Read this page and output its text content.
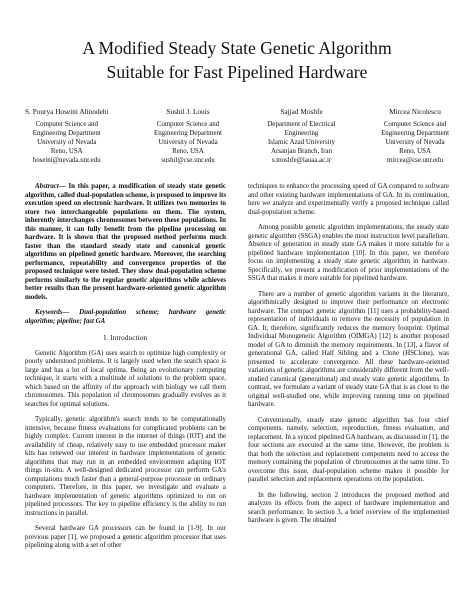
A Modified Steady State Genetic Algorithm
Suitable for Fast Pipelined Hardware
S. Pourya Hoseini Alinodehi
Computer Science and
Engineering Department
University of Nevada
Reno, USA
hoseini@nevada.unr.edu
Sushil J. Louis
Computer Science and
Engineering Department
University of Nevada
Reno, USA
sushil@cse.unr.edu
Sajjad Moshfe
Department of Electrical
Engineering
Islamic Azad University
Arsanjan Branch, Iran
s.moshfe@iauaa.ac.ir
Mircea Nicolescu
Computer Science and
Engineering Department
University of Nevada
Reno, USA
mircea@cse.unr.edu
Abstract— In this paper, a modification of steady state genetic algorithm, called dual-population scheme, is proposed to improve its execution speed on electronic hardware. It utilizes two memories to store two interchangeable populations on them. The system, inherently interchanges chromosomes between these populations. In this manner, it can fully benefit from the pipeline processing on hardware. It is shown that the proposed method performs much faster than the standard steady state and canonical genetic algorithms on pipelined genetic hardware. Moreover, the searching performance, repeatability and convergence properties of the proposed technique were tested. They show dual-population scheme performs similarly to the regular genetic algorithms while achieves better results than the present hardware-oriented genetic algorithm models.
Keywords— Dual-population scheme; hardware genetic algorithm; pipeline; fast GA
I. Introduction

Genetic Algorithm (GA) uses search to optimize high complexity or poorly understood problems. It is largely used when the search space is large and has a lot of local optima. Being an evolutionary computing technique, it starts with a multitude of solutions to the problem space, which based on the affinity of the approach with biology we call them chromosomes. This population of chromosomes gradually evolves as it searches for optimal solutions.

Typically, genetic algorithm's search tends to be computationally intensive, because fitness evaluations for complicated problems can be highly complex. Current interest in the internet of things (IOT) and the availability of cheap, relatively easy to use embedded processor maker kits has renewed our interest in hardware implementations of genetic algorithms that may run in an embedded environment adapting IOT things in-situ. A well-designed dedicated processor can perform GA's computations much faster than a general-purpose processor on ordinary computers. Therefore, in this paper, we investigate and evaluate a hardware implementation of genetic algorithms optimized to run on pipelined processors. The key to pipeline efficiency is the ability to run instructions in parallel.

Several hardware GA processors can be found in [1-9]. In our previous paper [1], we proposed a genetic algorithm processor that uses pipelining along with a set of other

techniques to enhance the processing speed of GA compared to software and other existing hardware implementations of GA. In its continuation, here we analyze and experimentally verify a proposed technique called dual-population scheme.

Among possible genetic algorithm implementations, the steady state genetic algorithm (SSGA) enables the most instruction level parallelism. Absence of generation in steady state GA makes it more suitable for a pipelined hardware implementation [10]. In this paper, we therefore focus on implementing a steady state genetic algorithm in hardware. Specifically, we present a modification of prior implementations of the SSGA that makes it more suitable for pipelined hardware.

There are a number of genetic algorithm variants in the literature, algorithmically designed to improve their performance on electronic hardware. The compact genetic algorithm [11] uses a probability-based representation of individuals to remove the necessity of population in GA. It, therefore, significantly reduces the memory footprint. Optimal Individual Monogenetic Algorithm (OIMGA) [12] is another proposed model of GA to diminish the memory requirements. In [13], a flavor of generational GA, called Half Sibling and a Clone (HSClone), was presented to accelerate convergence. All these hardware-oriented variations of genetic algorithms are considerably different from the well-studied canonical (generational) and steady state genetic algorithms. In contrast, we formulate a variant of steady state GA that is as close to the original well-studied one, while improving running time on pipelined hardware.

Conventionally, steady state genetic algorithm has four chief components, namely, selection, reproduction, fitness evaluation, and replacement. In a synced pipelined GA hardware, as discussed in [1], the four sections are executed at the same time. However, the problem is that both the selection and replacement components need to access the memory containing the population of chromosomes at the same time. To overcome this issue, dual-population scheme makes it possible for parallel selection and replacement operations on the population.

In the following, section 2 introduces the proposed method and analyzes its effects from the aspect of hardware implementation and search performance. In section 3, a brief overview of the implemented hardware is given. The obtained
